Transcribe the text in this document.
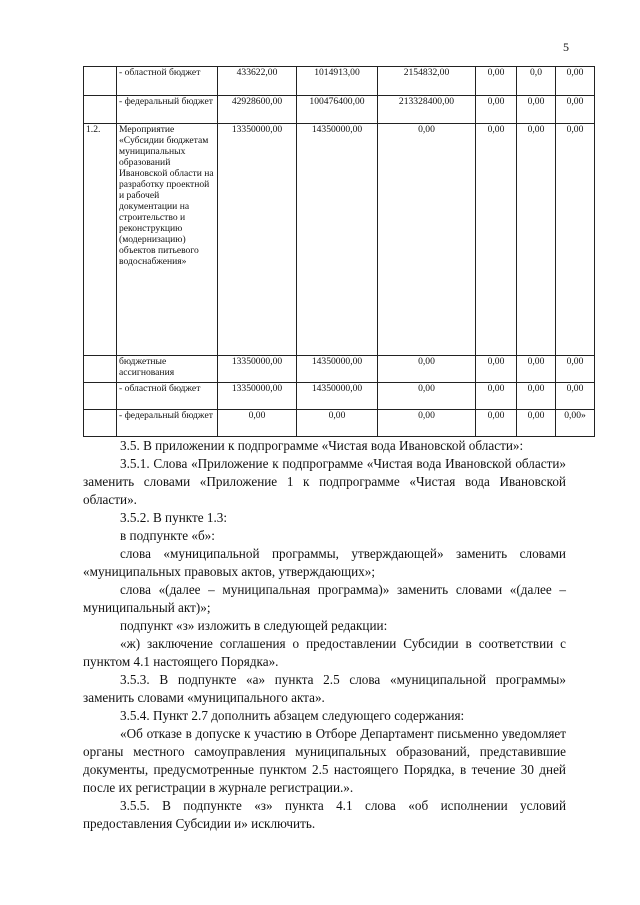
5
	- областной бюджет	433622,00	1014913,00	2154832,00	0,00	0,0	0,00
	- федеральный бюджет	42928600,00	100476400,00	213328400,00	0,00	0,00	0,00
1.2.	Мероприятие «Субсидии бюджетам муниципальных образований Ивановской области на разработку проектной и рабочей документации на строительство и реконструкцию (модернизацию) объектов питьевого водоснабжения»	13350000,00	14350000,00	0,00	0,00	0,00	0,00
	бюджетные ассигнования	13350000,00	14350000,00	0,00	0,00	0,00	0,00
	- областной бюджет	13350000,00	14350000,00	0,00	0,00	0,00	0,00
	- федеральный бюджет	0,00	0,00	0,00	0,00	0,00	0,00»

3.5. В приложении к подпрограмме «Чистая вода Ивановской области»:

3.5.1. Слова «Приложение к подпрограмме «Чистая вода Ивановской области» заменить словами «Приложение 1 к подпрограмме «Чистая вода Ивановской области».

3.5.2. В пункте 1.3:

в подпункте «б»:

слова «муниципальной программы, утверждающей» заменить словами «муниципальных правовых актов, утверждающих»;

слова «(далее – муниципальная программа)» заменить словами «(далее – муниципальный акт)»;

подпункт «з» изложить в следующей редакции:

«ж) заключение соглашения о предоставлении Субсидии в соответствии с пунктом 4.1 настоящего Порядка».

3.5.3. В подпункте «а» пункта 2.5 слова «муниципальной программы» заменить словами «муниципального акта».

3.5.4. Пункт 2.7 дополнить абзацем следующего содержания:

«Об отказе в допуске к участию в Отборе Департамент письменно уведомляет органы местного самоуправления муниципальных образований, представившие документы, предусмотренные пунктом 2.5 настоящего Порядка, в течение 30 дней после их регистрации в журнале регистрации.».

3.5.5. В подпункте «з» пункта 4.1 слова «об исполнении условий предоставления Субсидии и» исключить.
